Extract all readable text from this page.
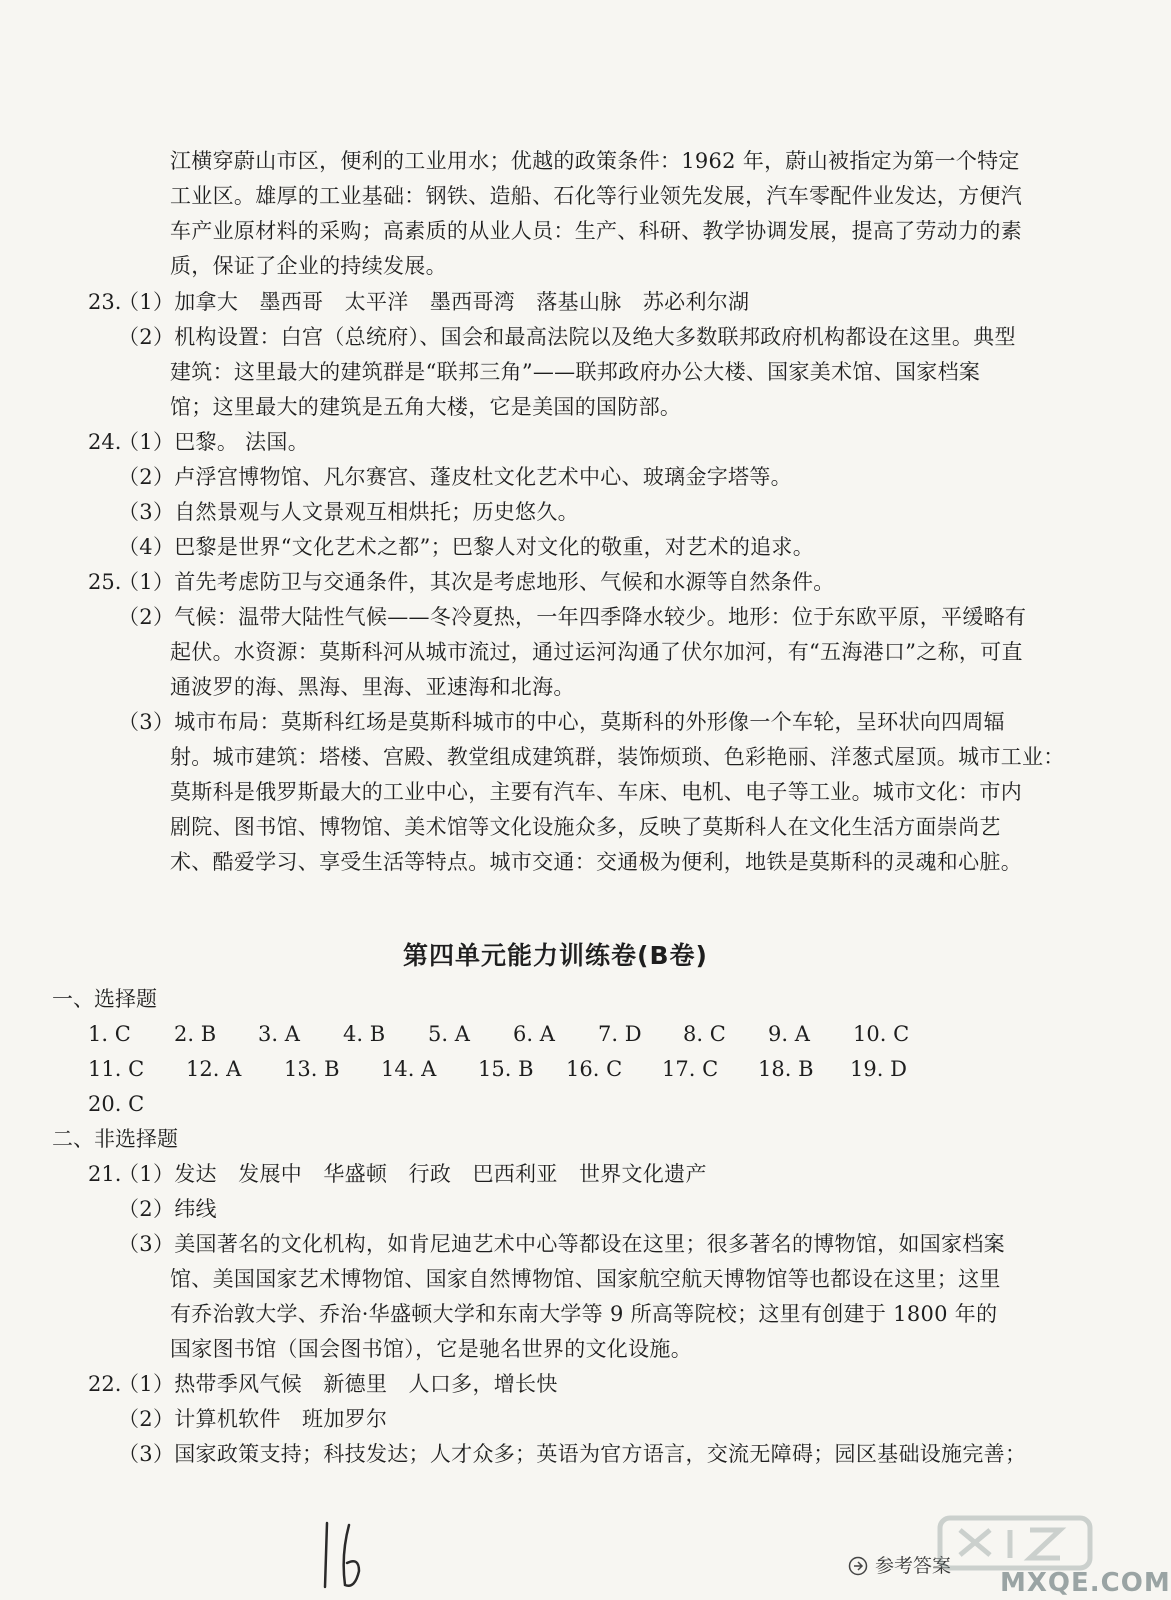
江横穿蔚山市区，便利的工业用水；优越的政策条件：1962 年，蔚山被指定为第一个特定
工业区。雄厚的工业基础：钢铁、造船、石化等行业领先发展，汽车零配件业发达，方便汽
车产业原材料的采购；高素质的从业人员：生产、科研、教学协调发展，提高了劳动力的素
质，保证了企业的持续发展。
23.
（1）加拿大　墨西哥　太平洋　墨西哥湾　落基山脉　苏必利尔湖
（2）机构设置：白宫（总统府）、国会和最高法院以及绝大多数联邦政府机构都设在这里。典型
建筑：这里最大的建筑群是“联邦三角”——联邦政府办公大楼、国家美术馆、国家档案
馆；这里最大的建筑是五角大楼，它是美国的国防部。
24.
（1）巴黎。 法国。
（2）卢浮宫博物馆、凡尔赛宫、蓬皮杜文化艺术中心、玻璃金字塔等。
（3）自然景观与人文景观互相烘托；历史悠久。
（4）巴黎是世界“文化艺术之都”；巴黎人对文化的敬重，对艺术的追求。
25.
（1）首先考虑防卫与交通条件，其次是考虑地形、气候和水源等自然条件。
（2）气候：温带大陆性气候——冬冷夏热，一年四季降水较少。地形：位于东欧平原，平缓略有
起伏。水资源：莫斯科河从城市流过，通过运河沟通了伏尔加河，有“五海港口”之称，可直
通波罗的海、黑海、里海、亚速海和北海。
（3）城市布局：莫斯科红场是莫斯科城市的中心，莫斯科的外形像一个车轮，呈环状向四周辐
射。城市建筑：塔楼、宫殿、教堂组成建筑群，装饰烦琐、色彩艳丽、洋葱式屋顶。城市工业：
莫斯科是俄罗斯最大的工业中心，主要有汽车、车床、电机、电子等工业。城市文化：市内
剧院、图书馆、博物馆、美术馆等文化设施众多，反映了莫斯科人在文化生活方面崇尚艺
术、酷爱学习、享受生活等特点。城市交通：交通极为便利，地铁是莫斯科的灵魂和心脏。
第四单元能力训练卷(B卷)
一、选择题
1. C 2. B 3. A 4. B 5. A 6. A 7. D 8. C 9. A 10. C
11. C 12. A 13. B 14. A 15. B 16. C 17. C 18. B 19. D
20. C
二、非选择题
21.
（1）发达　发展中　华盛顿　行政　巴西利亚　世界文化遗产
（2）纬线
（3）美国著名的文化机构，如肯尼迪艺术中心等都设在这里；很多著名的博物馆，如国家档案
馆、美国国家艺术博物馆、国家自然博物馆、国家航空航天博物馆等也都设在这里；这里
有乔治敦大学、乔治·华盛顿大学和东南大学等 9 所高等院校；这里有创建于 1800 年的
国家图书馆（国会图书馆），它是驰名世界的文化设施。
22.
（1）热带季风气候　新德里　人口多，增长快
（2）计算机软件　班加罗尔
（3）国家政策支持；科技发达；人才众多；英语为官方语言，交流无障碍；园区基础设施完善；
参考答案
MXQE.COM
